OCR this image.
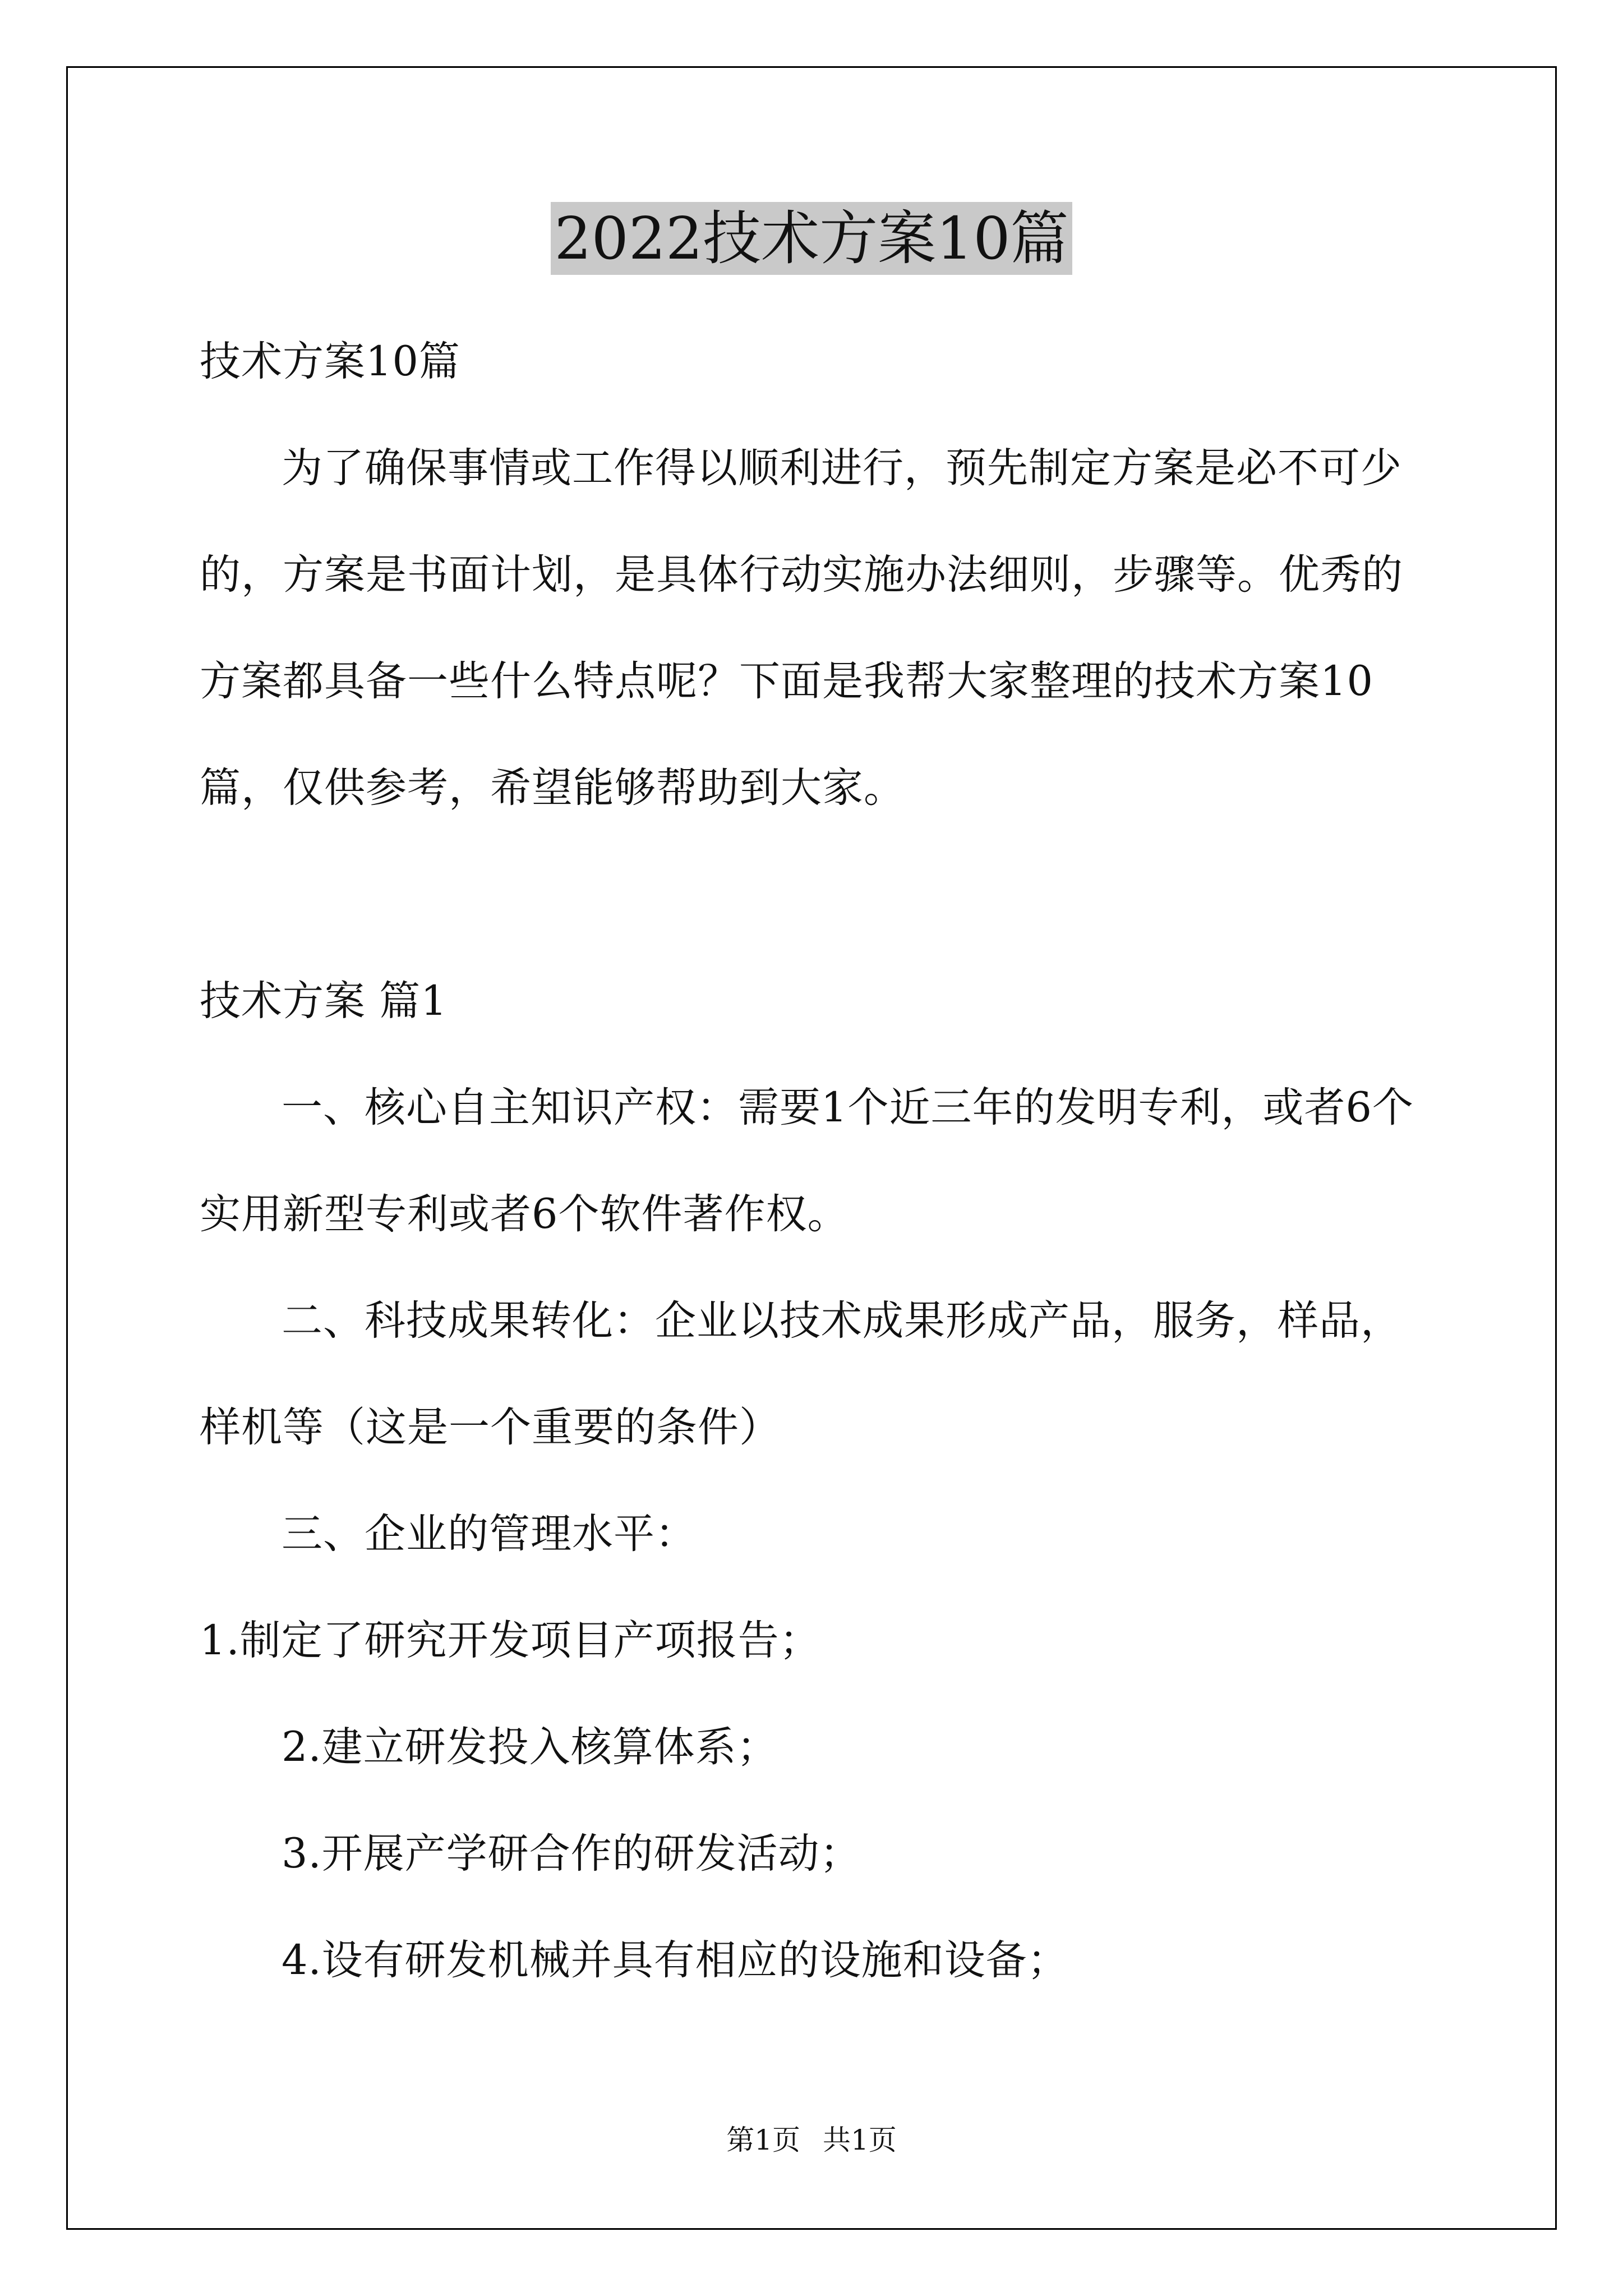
2022技术方案10篇

技术方案10篇

为了确保事情或工作得以顺利进行，预先制定方案是必不可少的，方案是书面计划，是具体行动实施办法细则，步骤等。优秀的方案都具备一些什么特点呢？下面是我帮大家整理的技术方案10篇，仅供参考，希望能够帮助到大家。

技术方案 篇1

一、核心自主知识产权：需要1个近三年的发明专利，或者6个实用新型专利或者6个软件著作权。

二、科技成果转化：企业以技术成果形成产品，服务，样品，样机等（这是一个重要的条件）

三、企业的管理水平：

1.制定了研究开发项目产项报告；

2.建立研发投入核算体系；

3.开展产学研合作的研发活动；

4.设有研发机械并具有相应的设施和设备；

第1页 共1页
